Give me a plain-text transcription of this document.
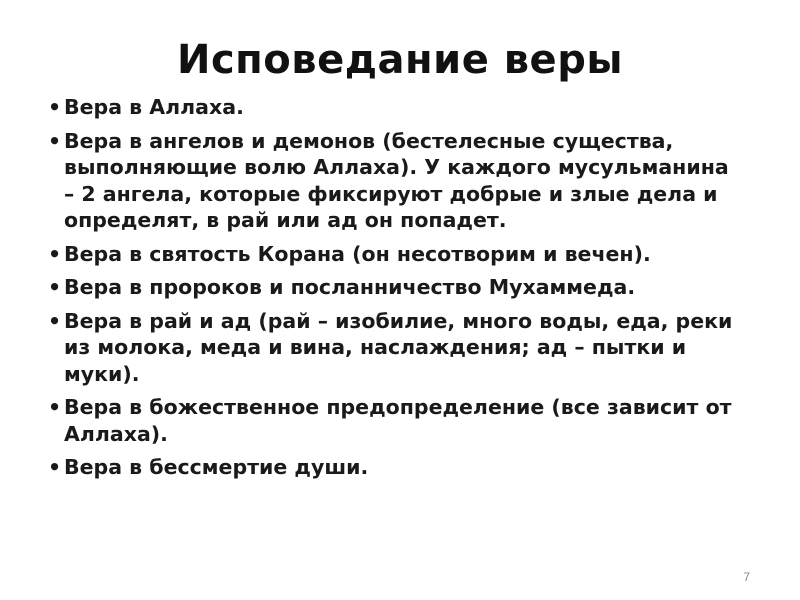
Исповедание веры
• Вера в Аллаха.
• Вера в ангелов и демонов (бестелесные существа, выполняющие волю Аллаха). У каждого мусульманина – 2 ангела, которые фиксируют добрые и злые дела и определят, в рай или ад он попадет.
• Вера в святость Корана (он несотворим и вечен).
• Вера в пророков и посланничество Мухаммеда.
• Вера в рай и ад (рай – изобилие, много воды, еда, реки из молока, меда и вина, наслаждения; ад – пытки и муки).
• Вера в божественное предопределение (все зависит от Аллаха).
• Вера в бессмертие души.
7
